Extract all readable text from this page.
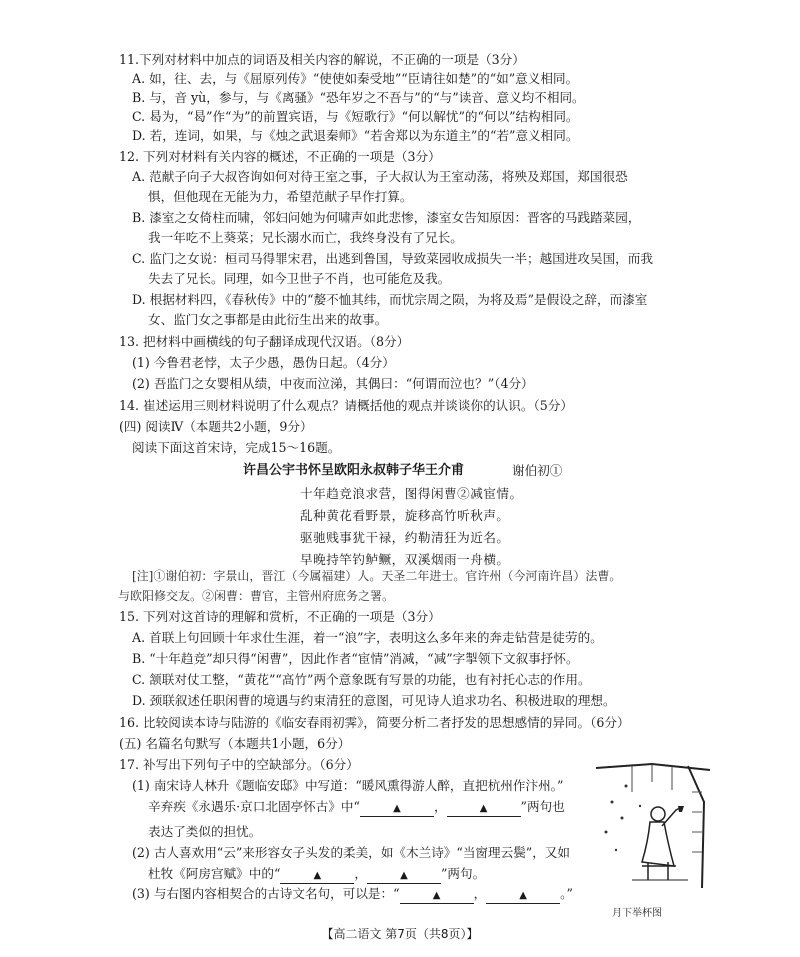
11.下列对材料中加点的词语及相关内容的解说，不正确的一项是（3分）
A. 如，往、去，与《屈原列传》“使使如秦受地”“臣请往如楚”的“如”意义相同。
B. 与，音 yù，参与，与《离骚》“恐年岁之不吾与”的“与”读音、意义均不相同。
C. 曷为，“曷”作“为”的前置宾语，与《短歌行》“何以解忧”的“何以”结构相同。
D. 若，连词，如果，与《烛之武退秦师》“若舍郑以为东道主”的“若”意义相同。
12. 下列对材料有关内容的概述，不正确的一项是（3分）
A. 范献子向子大叔咨询如何对待王室之事，子大叔认为王室动荡，将殃及郑国，郑国很恐
惧，但他现在无能为力，希望范献子早作打算。
B. 漆室之女倚柱而啸，邻妇问她为何啸声如此悲惨，漆室女告知原因：晋客的马践踏菜园，
我一年吃不上葵菜；兄长溺水而亡，我终身没有了兄长。
C. 监门之女说：桓司马得罪宋君，出逃到鲁国，导致菜园收成损失一半；越国进攻吴国，而我
失去了兄长。同理，如今卫世子不肖，也可能危及我。
D. 根据材料四，《春秋传》中的“嫠不恤其纬，而忧宗周之陨，为将及焉”是假设之辞，而漆室
女、监门女之事都是由此衍生出来的故事。
13. 把材料中画横线的句子翻译成现代汉语。（8分）
(1) 今鲁君老悖，太子少愚，愚伪日起。（4分）
(2) 吾监门之女婴相从绩，中夜而泣涕，其偶曰：“何谓而泣也？”（4分）
14. 崔述运用三则材料说明了什么观点？请概括他的观点并谈谈你的认识。（5分）
(四) 阅读Ⅳ（本题共2小题，9分）
阅读下面这首宋诗，完成15～16题。
15. 下列对这首诗的理解和赏析，不正确的一项是（3分）
A. 首联上句回顾十年求仕生涯，着一“浪”字，表明这么多年来的奔走钻营是徒劳的。
B. “十年趋竞”却只得“闲曹”，因此作者“宦情”消减，“减”字掣领下文叙事抒怀。
C. 颔联对仗工整，“黄花”“高竹”两个意象既有写景的功能，也有衬托心志的作用。
D. 颈联叙述任职闲曹的境遇与约束清狂的意图，可见诗人追求功名、积极进取的理想。
16. 比较阅读本诗与陆游的《临安春雨初霁》，简要分析二者抒发的思想感情的异同。（6分）
(五) 名篇名句默写（本题共1小题，6分）
17. 补写出下列句子中的空缺部分。（6分）
(1) 南宋诗人林升《题临安邸》中写道：“暖风熏得游人醉，直把杭州作汴州。”
表达了类似的担忧。
(2) 古人喜欢用“云”来形容女子头发的柔美，如《木兰诗》“当窗理云鬓”，又如
许昌公宇书怀呈欧阳永叔韩子华王介甫	谢伯初①
十年趋竞浪求营，图得闲曹②减宦情。
乱种黄花看野景，旋移高竹听秋声。
驱驰贱事犹干禄，约勒清狂为近名。
早晚持竿钓鲈鳜，双溪烟雨一舟横。
[注]①谢伯初：字景山，晋江（今属福建）人。天圣二年进士。官许州（今河南许昌）法曹。
与欧阳修交友。②闲曹：曹官，主管州府庶务之署。
辛弃疾《永遇乐·京口北固亭怀古》中“	▲	，	▲	”两句也
杜牧《阿房宫赋》中的“	▲	，	▲	”两句。
(3) 与右图内容相契合的古诗文名句，可以是：“	▲	，	▲	。”
月下举杯图
【高二语文 第7页（共8页）】
